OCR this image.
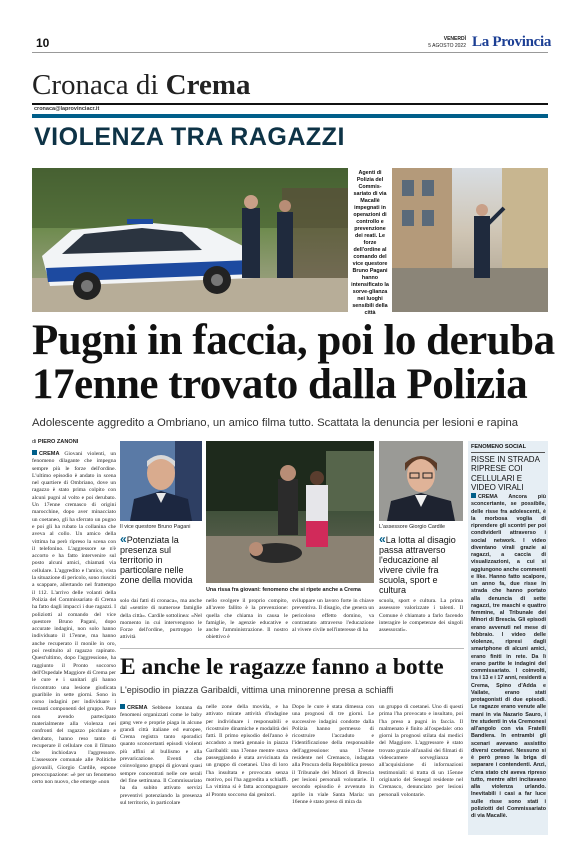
10	VENERDÌ
5 AGOSTO 2022 La Provincia
Cronaca di Crema
cronaca@laprovinciacr.it
VIOLENZA TRA RAGAZZI
Agenti di Polizia del Commis-sariato di via Macallè impegnati in operazioni di controllo e prevenzione dei reati. Le forze dell'ordine al comando del vice questore Bruno Pagani hanno intensificato la sorve-glianza nei luoghi sensibili della città
Pugni in faccia, poi lo deruba
17enne trovato dalla Polizia
Adolescente aggredito a Ombriano, un amico filma tutto. Scattata la denuncia per lesioni e rapina
di PIERO ZANONI
CREMA Giovani violenti, un fenomeno dilagante che impegna sempre più le forze dell'ordine. L'ultimo episodio è andato in scena nel quartiere di Ombriano, dove un ragazzo è stato prima colpito con alcuni pugni al volto e poi derubato. Un 17enne cremasco di origini marocchine, dopo aver minacciato un coetaneo, gli ha sferrato un pugno e poi gli ha rubato la collanina che aveva al collo. Un amico della vittima ha però ripreso la scena con il telefonino. L'aggressore se n'è accorto e ha fatto intervenire sul posto alcuni amici, chiamati via cellulare. L'aggredito e l'amico, vista la situazione di pericolo, sono riusciti a scappare, allertando nel frattempo il 112. L'arrivo delle volanti della Polizia del Commissariato di Crema ha fatto dagli impacci i due ragazzi. I poliziotti al comando del vice questore Bruno Pagani, dopo accurate indagini, non solo hanno individuato il 17enne, ma hanno anche recuperato il monile in oro, poi restituito al ragazzo rapinato. Quest'ultimo, dopo l'aggressione, ha raggiunto il Pronto soccorso dell'Ospedale Maggiore di Crema per le cure e i sanitari gli hanno riscontrato una lesione giudicata guaribile in sette giorni. Sono in corso indagini per individuare i restanti componenti del gruppo. Pare non avendo partecipato materialmente alla violenza nei confronti del ragazzo picchiato e derubato, hanno reso tanto di recuperare il cellulare con il filmato che inchiodava l'aggressore. L'assessore comunale alle Politiche giovanili, Giorgio Cardile, espone preoccupazione: «è per un fenomeno certo non nuovo, che emerge «non
Il vice questore Bruno Pagani
«Potenziata la presenza sul territorio in particolare nelle zone della movida
Una rissa fra giovani: fenomeno che si ripete anche a Crema
L'assessore Giorgio Cardile
«La lotta al disagio passa attraverso l'educazione al vivere civile fra scuola, sport e cultura
solo dai fatti di cronaca», ma anche dal «sentire di numerose famiglie della città». Cardile sottolinea: «Nel momento in cui intervengono le Forze dell'ordine, purtroppo le attività
nello svolgere il proprio compito, all'avere fallito è la prevenzione: quella che chiama in causa le famiglie, le agenzie educative e anche l'amministrazione. Il nostro obiettivo è
sviluppare un lavoro forte in chiave preventiva. Il disagio, che genera un pericoloso effetto domino, va contrastato attraverso l'educazione al vivere civile nell'interesse di ha
scuola, sport e cultura. La prima assessore valorizzate i talenti. Il Comune è chiamato a farlo facendo interagire le competenze dei singoli assessorati».
FENOMENO SOCIAL
RISSE IN STRADA RIPRESE COI CELLULARI E VIDEO VIRALI
CREMA Ancora più sconcertante, se possibile, delle risse fra adolescenti, è la morbosa voglia di riprendere gli scontri per poi condividerli attraverso i social network. I video diventano virali grazie ai ragazzi, a caccia di visualizzazioni, a cui si aggiungono anche commenti e like. Hanno fatto scalpore, un anno fa, due risse in strada che hanno portato alla denuncia di sette ragazzi, tre maschi e quattro femmine, al Tribunale dei Minori di Brescia. Gli episodi erano avvenuti nel mese di febbraio. I video delle violenze, ripresi dagli smartphone di alcuni amici, erano finiti in rete. Da lì erano partite le indagini del commissariato. I coinvolti, tra i 13 e i 17 anni, residenti a Crema, Spino d'Adda e Vailate, erano stati protagonisti di due episodi. Le ragazze erano venute alle mani in via Nazario Sauro, i tre studenti in via Cremonesi all'angolo con via Fratelli Bandiera. In entrambi gli scenari avevano assistito diversi coetanei. Nessuno si è però preso la briga di separare i contendenti. Anzi, c'era stato chi aveva ripreso tutto, mentre altri incitavano alla violenza urlando. Inevitabili i casi a far luce sulle risse sono stati i poliziotti del Commissariato di via Macallè.
E anche le ragazze fanno a botte
L'episodio in piazza Garibaldi, vittima una minorenne presa a schiaffi
CREMA Sebbene lontana da fenomeni organizzati come le baby gang vere e proprie piaga in alcune grandi città italiane ed europee, Crema registra tanto sporadici quanto sconcertanti episodi violenti più affini al bullismo e alla prevaricazione. Eventi che coinvolgono gruppi di giovani quasi sempre concentrati nelle ore serali del fine settimana. Il Commissariato ha da subito attivato servizi preventivi potenziando la presenza sul territorio, in particolare
nelle zone della movida, e ha attivato mirate attività d'indagine per individuare i responsabili e ricostruire dinamiche e modalità dei fatti. Il primo episodio dell'anno è accaduto a metà gennaio in piazza Garibaldi: una 17enne mentre stava passeggiando è stata avvicinata da un gruppo di coetanei. Uno di loro l'ha insultata e provocata senza motivo, poi l'ha aggredita a schiaffi. La vittima si è fatta accompagnare al Pronto soccorso dai genitori.
Dopo le cure è stata dimessa con una prognosi di tre giorni. Le successive indagini condotte dalla Polizia hanno permesso di ricostruire l'accaduto e l'identificazione della responsabile dell'aggressione: una 17enne residente nel Cremasco, indagata alla Procura della Repubblica presso il Tribunale dei Minori di Brescia per lesioni personali volontarie. Il secondo episodio è avvenuto in aprile in viale Santa Maria: un 16enne è stato preso di mira da
un gruppo di coetanei. Uno di questi prima l'ha provocato e insultato, poi l'ha preso a pugni in faccia. Il malmenato è finito all'ospedale: otto giorni la prognosi stilata dai medici del Maggiore. L'aggressore è stato trovato grazie all'analisi dei filmati di videocamere sorveglianza e all'acquisizione di informazioni testimoniali: si tratta di un 15enne originario del Senegal residente nel Cremasco, denunciato per lesioni personali volontarie.
